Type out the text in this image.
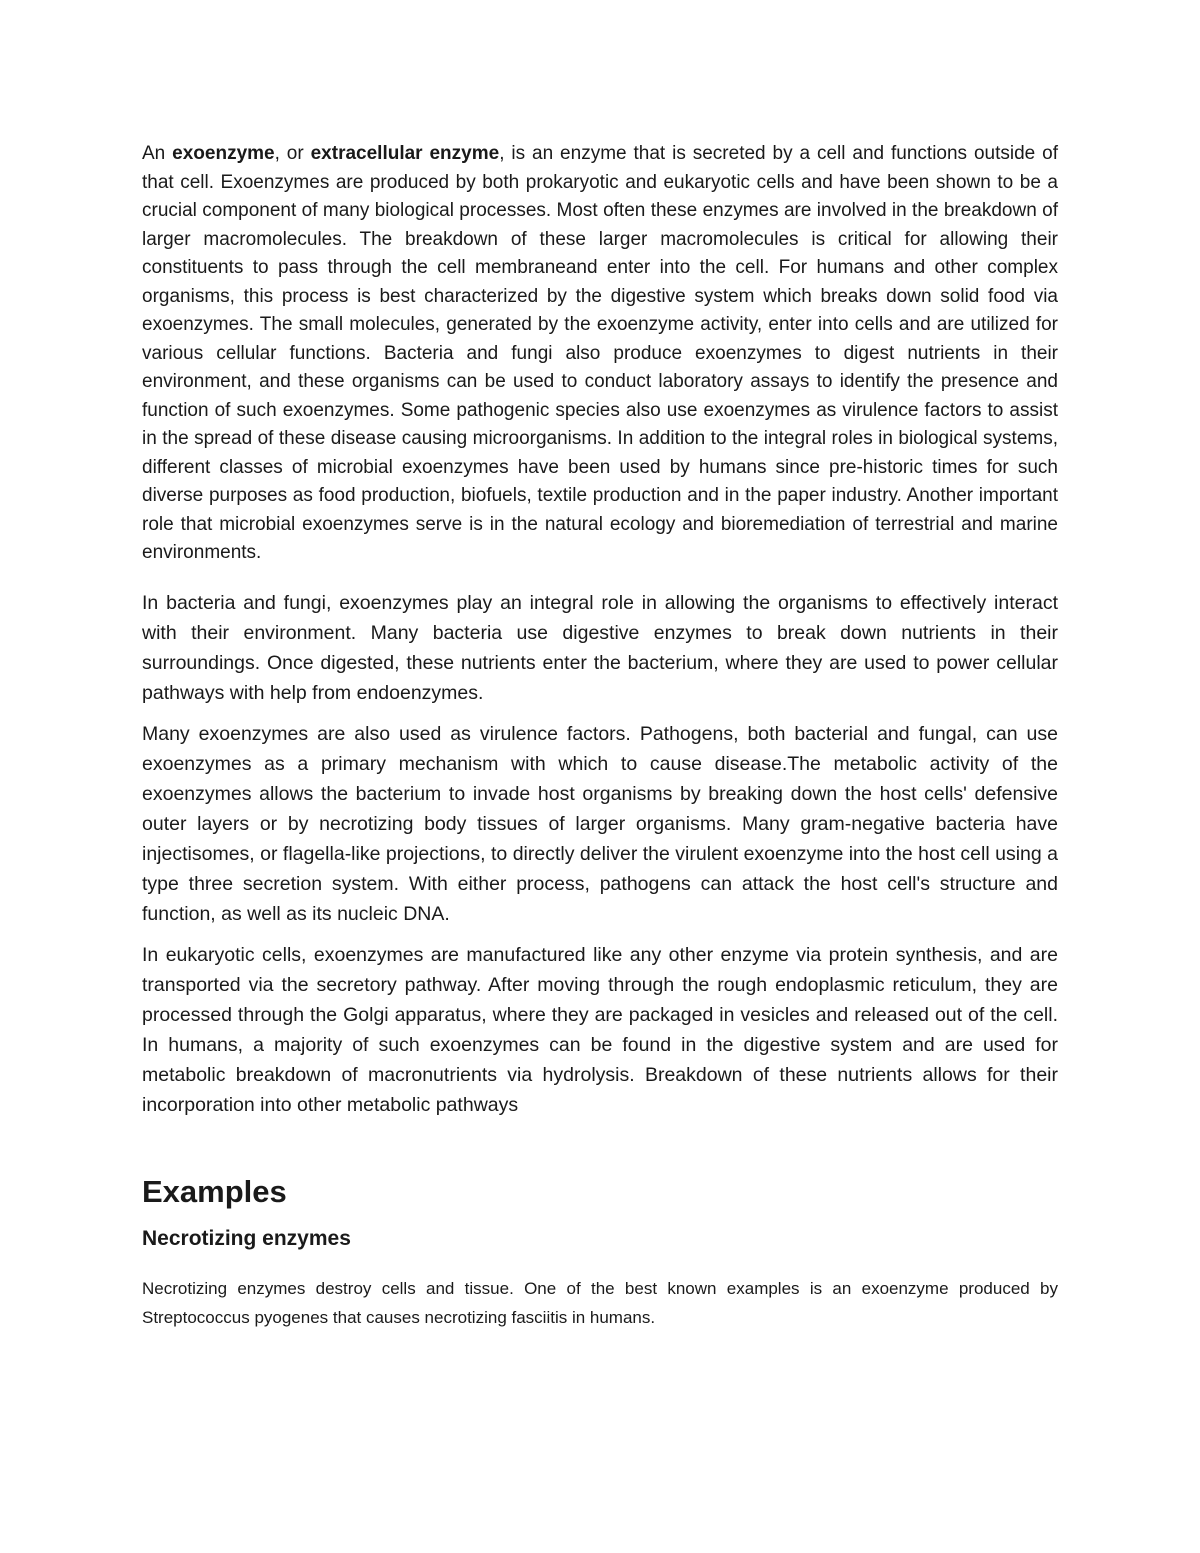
An exoenzyme, or extracellular enzyme, is an enzyme that is secreted by a cell and functions outside of that cell. Exoenzymes are produced by both prokaryotic and eukaryotic cells and have been shown to be a crucial component of many biological processes. Most often these enzymes are involved in the breakdown of larger macromolecules. The breakdown of these larger macromolecules is critical for allowing their constituents to pass through the cell membraneand enter into the cell. For humans and other complex organisms, this process is best characterized by the digestive system which breaks down solid food via exoenzymes. The small molecules, generated by the exoenzyme activity, enter into cells and are utilized for various cellular functions. Bacteria and fungi also produce exoenzymes to digest nutrients in their environment, and these organisms can be used to conduct laboratory assays to identify the presence and function of such exoenzymes. Some pathogenic species also use exoenzymes as virulence factors to assist in the spread of these disease causing microorganisms. In addition to the integral roles in biological systems, different classes of microbial exoenzymes have been used by humans since pre-historic times for such diverse purposes as food production, biofuels, textile production and in the paper industry. Another important role that microbial exoenzymes serve is in the natural ecology and bioremediation of terrestrial and marine environments.

In bacteria and fungi, exoenzymes play an integral role in allowing the organisms to effectively interact with their environment. Many bacteria use digestive enzymes to break down nutrients in their surroundings. Once digested, these nutrients enter the bacterium, where they are used to power cellular pathways with help from endoenzymes.

Many exoenzymes are also used as virulence factors. Pathogens, both bacterial and fungal, can use exoenzymes as a primary mechanism with which to cause disease.The metabolic activity of the exoenzymes allows the bacterium to invade host organisms by breaking down the host cells' defensive outer layers or by necrotizing body tissues of larger organisms. Many gram-negative bacteria have injectisomes, or flagella-like projections, to directly deliver the virulent exoenzyme into the host cell using a type three secretion system. With either process, pathogens can attack the host cell's structure and function, as well as its nucleic DNA.

In eukaryotic cells, exoenzymes are manufactured like any other enzyme via protein synthesis, and are transported via the secretory pathway. After moving through the rough endoplasmic reticulum, they are processed through the Golgi apparatus, where they are packaged in vesicles and released out of the cell. In humans, a majority of such exoenzymes can be found in the digestive system and are used for metabolic breakdown of macronutrients via hydrolysis. Breakdown of these nutrients allows for their incorporation into other metabolic pathways

Examples
Necrotizing enzymes

Necrotizing enzymes destroy cells and tissue. One of the best known examples is an exoenzyme produced by Streptococcus pyogenes that causes necrotizing fasciitis in humans.
